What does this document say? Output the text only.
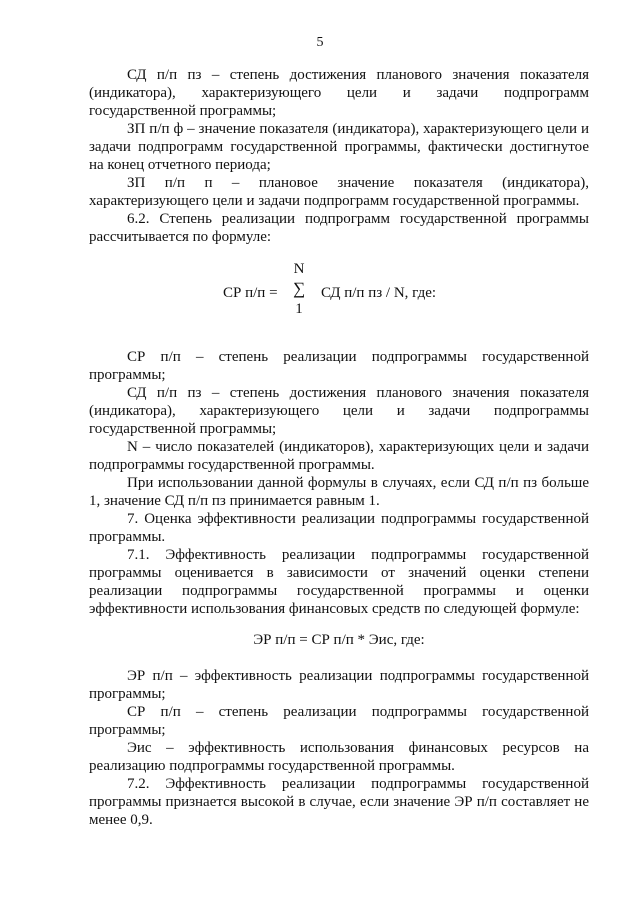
5

СД п/п пз – степень достижения планового значения показателя (индикатора), характеризующего цели и задачи подпрограмм государственной программы;

ЗП п/п ф – значение показателя (индикатора), характеризующего цели и задачи подпрограмм государственной программы, фактически достигнутое на конец отчетного периода;

ЗП п/п п – плановое значение показателя (индикатора), характеризующего цели и задачи подпрограмм государственной программы.

6.2. Степень реализации подпрограмм государственной программы рассчитывается по формуле:

СР п/п =
N
∑
1
СД п/п пз / N, где:

СР п/п – степень реализации подпрограммы государственной программы;

СД п/п пз – степень достижения планового значения показателя (индикатора), характеризующего цели и задачи подпрограммы государственной программы;

N – число показателей (индикаторов), характеризующих цели и задачи подпрограммы государственной программы.

При использовании данной формулы в случаях, если СД п/п пз больше 1, значение СД п/п пз принимается равным 1.

7. Оценка эффективности реализации подпрограммы государственной программы.

7.1. Эффективность реализации подпрограммы государственной программы оценивается в зависимости от значений оценки степени реализации подпрограммы государственной программы и оценки эффективности использования финансовых средств по следующей формуле:

ЭР п/п = СР п/п * Эис, где:

ЭР п/п – эффективность реализации подпрограммы государственной программы;

СР п/п – степень реализации подпрограммы государственной программы;

Эис – эффективность использования финансовых ресурсов на реализацию подпрограммы государственной программы.

7.2. Эффективность реализации подпрограммы государственной программы признается высокой в случае, если значение ЭР п/п составляет не менее 0,9.
